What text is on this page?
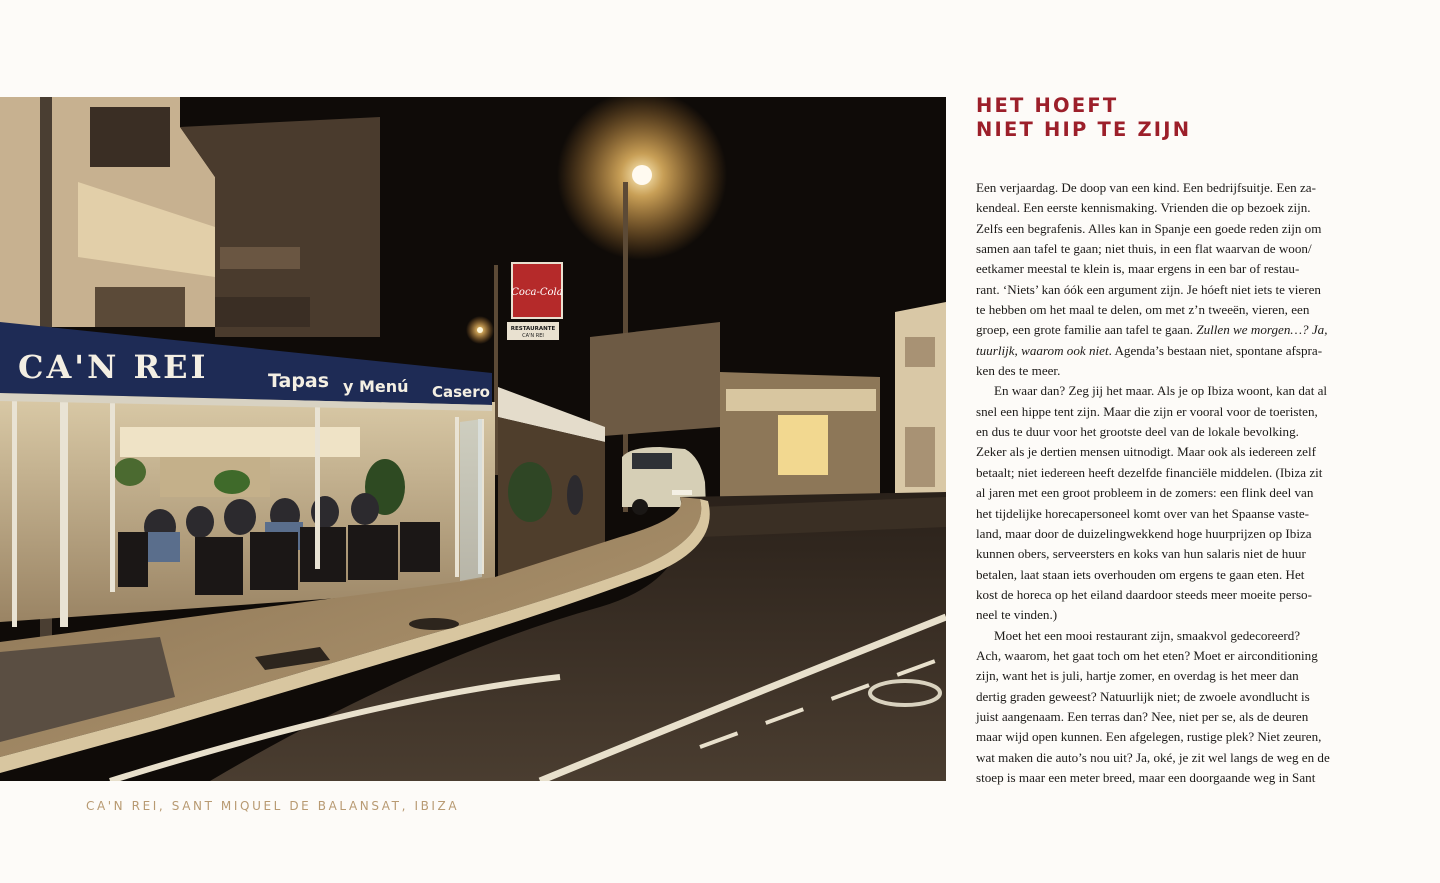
Coca-Cola
RESTAURANTE
CA'N REI
CA'N REI	Tapas y Menú Casero
CA'N REI, SANT MIQUEL DE BALANSAT, IBIZA
HET HOEFT
NIET HIP TE ZIJN
Een verjaardag. De doop van een kind. Een bedrijfsuitje. Een za-
kendeal. Een eerste kennismaking. Vrienden die op bezoek zijn.
Zelfs een begrafenis. Alles kan in Spanje een goede reden zijn om
samen aan tafel te gaan; niet thuis, in een flat waarvan de woon/
eetkamer meestal te klein is, maar ergens in een bar of restau-
rant. ‘Niets’ kan óók een argument zijn. Je hóeft niet iets te vieren
te hebben om het maal te delen, om met z’n tweeën, vieren, een
groep, een grote familie aan tafel te gaan. Zullen we morgen…? Ja,
tuurlijk, waarom ook niet. Agenda’s bestaan niet, spontane afspra-
ken des te meer.
En waar dan? Zeg jij het maar. Als je op Ibiza woont, kan dat al
snel een hippe tent zijn. Maar die zijn er vooral voor de toeristen,
en dus te duur voor het grootste deel van de lokale bevolking.
Zeker als je dertien mensen uitnodigt. Maar ook als iedereen zelf
betaalt; niet iedereen heeft dezelfde financiële middelen. (Ibiza zit
al jaren met een groot probleem in de zomers: een flink deel van
het tijdelijke horecapersoneel komt over van het Spaanse vaste-
land, maar door de duizelingwekkend hoge huurprijzen op Ibiza
kunnen obers, serveersters en koks van hun salaris niet de huur
betalen, laat staan iets overhouden om ergens te gaan eten. Het
kost de horeca op het eiland daardoor steeds meer moeite perso-
neel te vinden.)
Moet het een mooi restaurant zijn, smaakvol gedecoreerd?
Ach, waarom, het gaat toch om het eten? Moet er airconditioning
zijn, want het is juli, hartje zomer, en overdag is het meer dan
dertig graden geweest? Natuurlijk niet; de zwoele avondlucht is
juist aangenaam. Een terras dan? Nee, niet per se, als de deuren
maar wijd open kunnen. Een afgelegen, rustige plek? Niet zeuren,
wat maken die auto’s nou uit? Ja, oké, je zit wel langs de weg en de
stoep is maar een meter breed, maar een doorgaande weg in Sant
